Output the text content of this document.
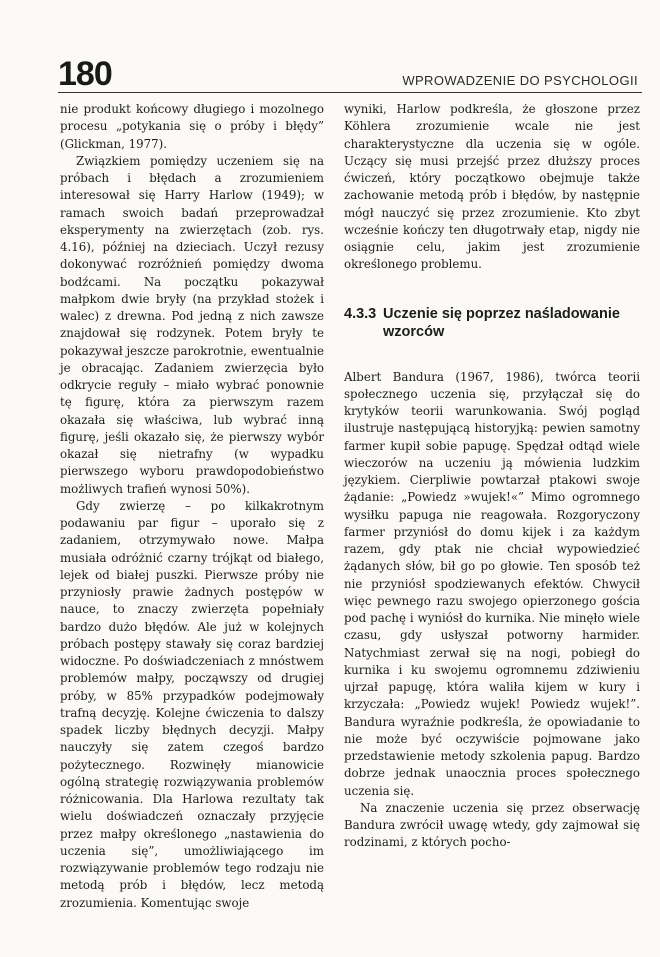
180	WPROWADZENIE DO PSYCHOLOGII

nie produkt końcowy długiego i mozolnego procesu „potykania się o próby i błędy” (Glickman, 1977).

Związkiem pomiędzy uczeniem się na próbach i błędach a zrozumieniem interesował się Harry Harlow (1949); w ramach swoich badań przeprowadzał eksperymenty na zwierzętach (zob. rys. 4.16), później na dzieciach. Uczył rezusy dokonywać rozróżnień pomiędzy dwoma bodźcami. Na początku pokazywał małpkom dwie bryły (na przykład stożek i walec) z drewna. Pod jedną z nich zawsze znajdował się rodzynek. Potem bryły te pokazywał jeszcze parokrotnie, ewentualnie je obracając. Zadaniem zwierzęcia było odkrycie reguły – miało wybrać ponownie tę figurę, która za pierwszym razem okazała się właściwa, lub wybrać inną figurę, jeśli okazało się, że pierwszy wybór okazał się nietrafny (w wypadku pierwszego wyboru prawdopodobieństwo możliwych trafień wynosi 50%).

Gdy zwierzę – po kilkakrotnym podawaniu par figur – uporało się z zadaniem, otrzymywało nowe. Małpa musiała odróżnić czarny trójkąt od białego, lejek od białej puszki. Pierwsze próby nie przyniosły prawie żadnych postępów w nauce, to znaczy zwierzęta popełniały bardzo dużo błędów. Ale już w kolejnych próbach postępy stawały się coraz bardziej widoczne. Po doświadczeniach z mnóstwem problemów małpy, począwszy od drugiej próby, w 85% przypadków podejmowały trafną decyzję. Kolejne ćwiczenia to dalszy spadek liczby błędnych decyzji. Małpy nauczyły się zatem czegoś bardzo pożytecznego. Rozwinęły mianowicie ogólną strategię rozwiązywania problemów różnicowania. Dla Harlowa rezultaty tak wielu doświadczeń oznaczały przyjęcie przez małpy określonego „nastawienia do uczenia się”, umożliwiającego im rozwiązywanie problemów tego rodzaju nie metodą prób i błędów, lecz metodą zrozumienia. Komentując swoje

wyniki, Harlow podkreśla, że głoszone przez Köhlera zrozumienie wcale nie jest charakterystyczne dla uczenia się w ogóle. Uczący się musi przejść przez dłuższy proces ćwiczeń, który początkowo obejmuje także zachowanie metodą prób i błędów, by następnie mógł nauczyć się przez zrozumienie. Kto zbyt wcześnie kończy ten długotrwały etap, nigdy nie osiągnie celu, jakim jest zrozumienie określonego problemu.

4.3.3 Uczenie się poprzez naśladowanie wzorców

Albert Bandura (1967, 1986), twórca teorii społecznego uczenia się, przyłączał się do krytyków teorii warunkowania. Swój pogląd ilustruje następującą historyjką: pewien samotny farmer kupił sobie papugę. Spędzał odtąd wiele wieczorów na uczeniu ją mówienia ludzkim językiem. Cierpliwie powtarzał ptakowi swoje żądanie: „Powiedz »wujek!«” Mimo ogromnego wysiłku papuga nie reagowała. Rozgoryczony farmer przyniósł do domu kijek i za każdym razem, gdy ptak nie chciał wypowiedzieć żądanych słów, bił go po głowie. Ten sposób też nie przyniósł spodziewanych efektów. Chwycił więc pewnego razu swojego opierzonego gościa pod pachę i wyniósł do kurnika. Nie minęło wiele czasu, gdy usłyszał potworny harmider. Natychmiast zerwał się na nogi, pobiegł do kurnika i ku swojemu ogromnemu zdziwieniu ujrzał papugę, która waliła kijem w kury i krzyczała: „Powiedz wujek! Powiedz wujek!”. Bandura wyraźnie podkreśla, że opowiadanie to nie może być oczywiście pojmowane jako przedstawienie metody szkolenia papug. Bardzo dobrze jednak unaocznia proces społecznego uczenia się.

Na znaczenie uczenia się przez obserwację Bandura zwrócił uwagę wtedy, gdy zajmował się rodzinami, z których pocho-
